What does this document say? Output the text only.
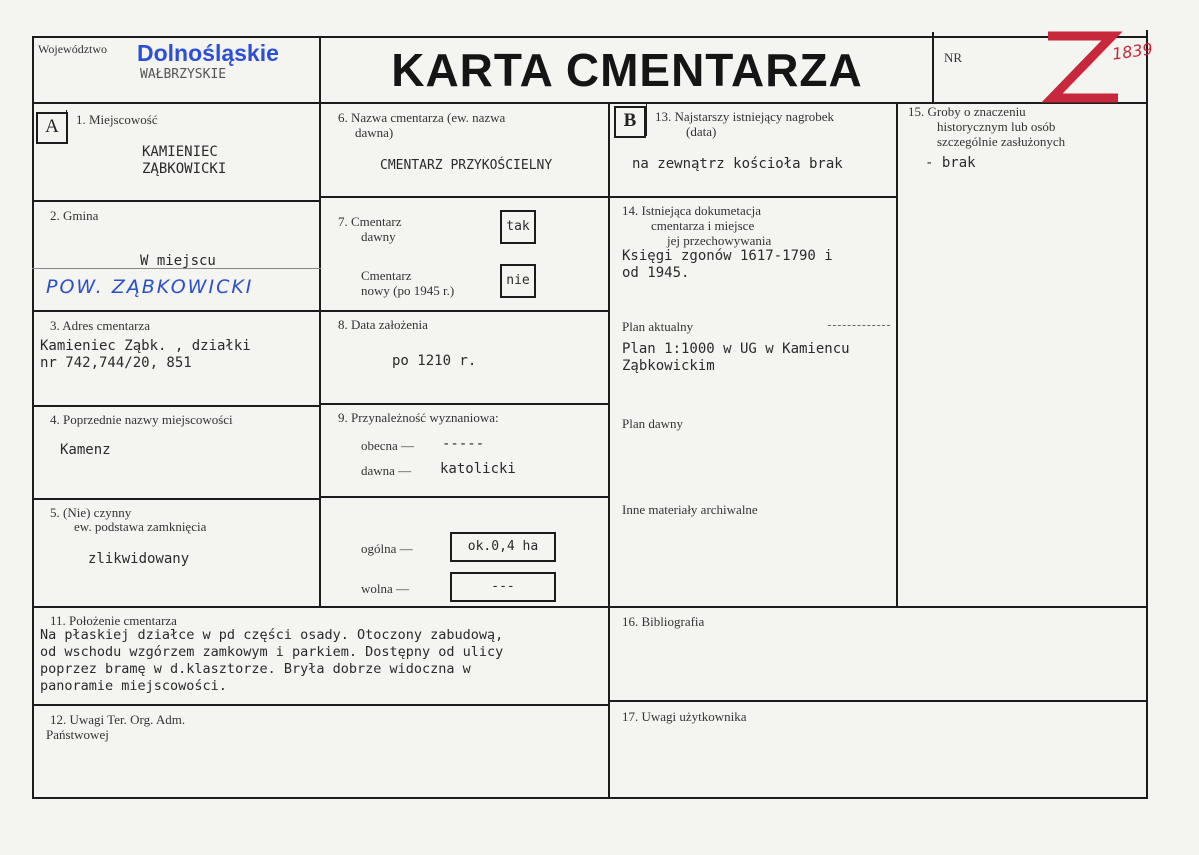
Województwo Dolnośląskie
WAŁBRZYSKIE	KARTA CMENTARZA	NR	1839
A	1. Miejscowość
KAMIENIEC
ZĄBKOWICKI
2. Gmina
W miejscu
POW. ZĄBKOWICKI
3. Adres cmentarza
Kamieniec Ząbk. , działki
nr 742,744/20, 851
4. Poprzednie nazwy miejscowości
Kamenz
5. (Nie) czynny
ew. podstawa zamknięcia
zlikwidowany
6. Nazwa cmentarza (ew. nazwa
dawna)
CMENTARZ PRZYKOŚCIELNY
7. Cmentarz
dawny
tak
Cmentarz
nowy (po 1945 r.)
nie
8. Data założenia
po 1210 r.
9. Przynależność wyznaniowa:
obecna — -----
dawna — katolicki
ogólna —	ok.0,4 ha
wolna —	---
B	13. Najstarszy istniejący nagrobek
(data)
na zewnątrz kościoła brak
14. Istniejąca dokumetacja
cmentarza i miejsce
jej przechowywania
Księgi zgonów 1617-1790 i
od 1945.
Plan aktualny
Plan 1:1000 w UG w Kamiencu
Ząbkowickim
Plan dawny
Inne materiały archiwalne
15. Groby o znaczeniu
historycznym lub osób
szczególnie zasłużonych
- brak
11. Położenie cmentarza
Na płaskiej działce w pd części osady. Otoczony zabudową,
od wschodu wzgórzem zamkowym i parkiem. Dostępny od ulicy
poprzez bramę w d.klasztorze. Bryła dobrze widoczna w
panoramie miejscowości.
12. Uwagi Ter. Org. Adm.
Państwowej
16. Bibliografia
17. Uwagi użytkownika
